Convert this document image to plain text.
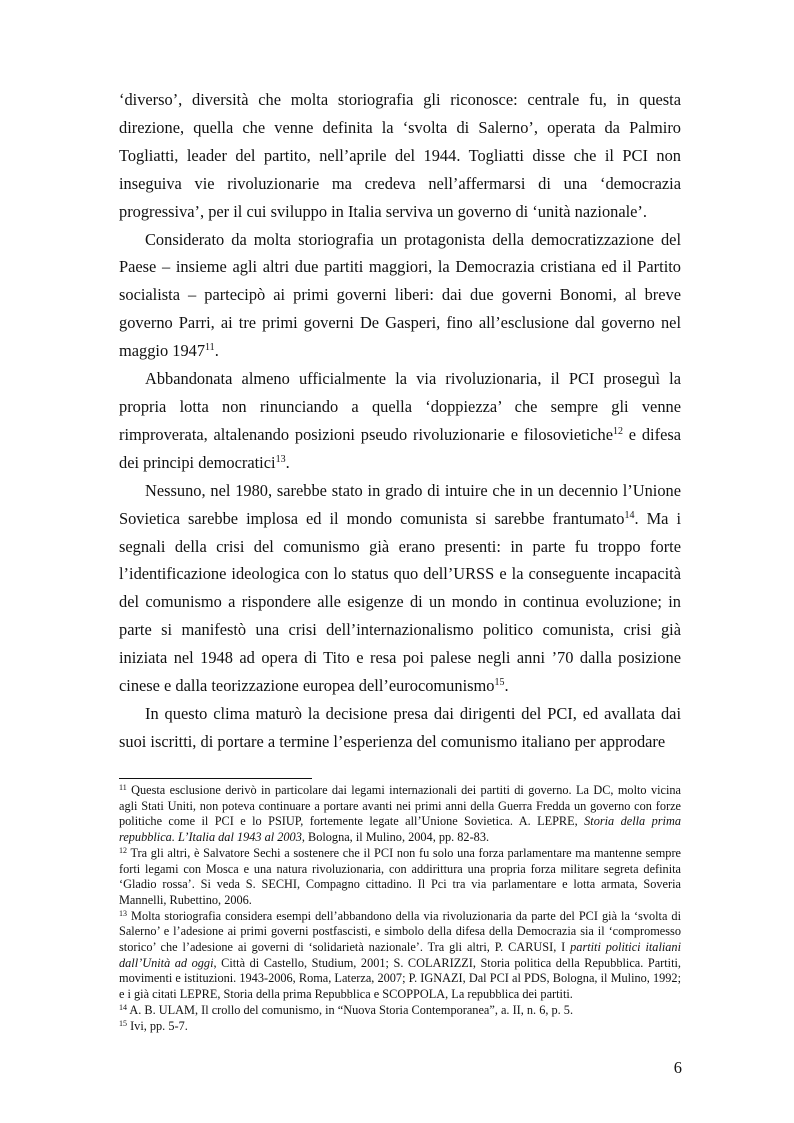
‘diverso’, diversità che molta storiografia gli riconosce: centrale fu, in questa direzione, quella che venne definita la ‘svolta di Salerno’, operata da Palmiro Togliatti, leader del partito, nell’aprile del 1944. Togliatti disse che il PCI non inseguiva vie rivoluzionarie ma credeva nell’affermarsi di una ‘democrazia progressiva’, per il cui sviluppo in Italia serviva un governo di ‘unità nazionale’.

Considerato da molta storiografia un protagonista della democratizzazione del Paese – insieme agli altri due partiti maggiori, la Democrazia cristiana ed il Partito socialista – partecipò ai primi governi liberi: dai due governi Bonomi, al breve governo Parri, ai tre primi governi De Gasperi, fino all’esclusione dal governo nel maggio 1947$^{11}$.

Abbandonata almeno ufficialmente la via rivoluzionaria, il PCI proseguì la propria lotta non rinunciando a quella ‘doppiezza’ che sempre gli venne rimproverata, altalenando posizioni pseudo rivoluzionarie e filosovietiche$^{12}$ e difesa dei principi democratici$^{13}$.

Nessuno, nel 1980, sarebbe stato in grado di intuire che in un decennio l’Unione Sovietica sarebbe implosa ed il mondo comunista si sarebbe frantumato$^{14}$. Ma i segnali della crisi del comunismo già erano presenti: in parte fu troppo forte l’identificazione ideologica con lo status quo dell’URSS e la conseguente incapacità del comunismo a rispondere alle esigenze di un mondo in continua evoluzione; in parte si manifestò una crisi dell’internazionalismo politico comunista, crisi già iniziata nel 1948 ad opera di Tito e resa poi palese negli anni ’70 dalla posizione cinese e dalla teorizzazione europea dell’eurocomunismo$^{15}$.

In questo clima maturò la decisione presa dai dirigenti del PCI, ed avallata dai suoi iscritti, di portare a termine l’esperienza del comunismo italiano per approdare

$^{11}$ Questa esclusione derivò in particolare dai legami internazionali dei partiti di governo. La DC, molto vicina agli Stati Uniti, non poteva continuare a portare avanti nei primi anni della Guerra Fredda un governo con forze politiche come il PCI e lo PSIUP, fortemente legate all’Unione Sovietica. A. LEPRE, Storia della prima repubblica. L’Italia dal 1943 al 2003, Bologna, il Mulino, 2004, pp. 82-83.

$^{12}$ Tra gli altri, è Salvatore Sechi a sostenere che il PCI non fu solo una forza parlamentare ma mantenne sempre forti legami con Mosca e una natura rivoluzionaria, con addirittura una propria forza militare segreta definita ‘Gladio rossa’. Si veda S. SECHI, Compagno cittadino. Il Pci tra via parlamentare e lotta armata, Soveria Mannelli, Rubettino, 2006.

$^{13}$ Molta storiografia considera esempi dell’abbandono della via rivoluzionaria da parte del PCI già la ‘svolta di Salerno’ e l’adesione ai primi governi postfascisti, e simbolo della difesa della Democrazia sia il ‘compromesso storico’ che l’adesione ai governi di ‘solidarietà nazionale’. Tra gli altri, P. CARUSI, I partiti politici italiani dall’Unità ad oggi, Città di Castello, Studium, 2001; S. COLARIZZI, Storia politica della Repubblica. Partiti, movimenti e istituzioni. 1943-2006, Roma, Laterza, 2007; P. IGNAZI, Dal PCI al PDS, Bologna, il Mulino, 1992; e i già citati LEPRE, Storia della prima Repubblica e SCOPPOLA, La repubblica dei partiti.

$^{14}$ A. B. ULAM, Il crollo del comunismo, in “Nuova Storia Contemporanea”, a. II, n. 6, p. 5.

$^{15}$ Ivi, pp. 5-7.

6
